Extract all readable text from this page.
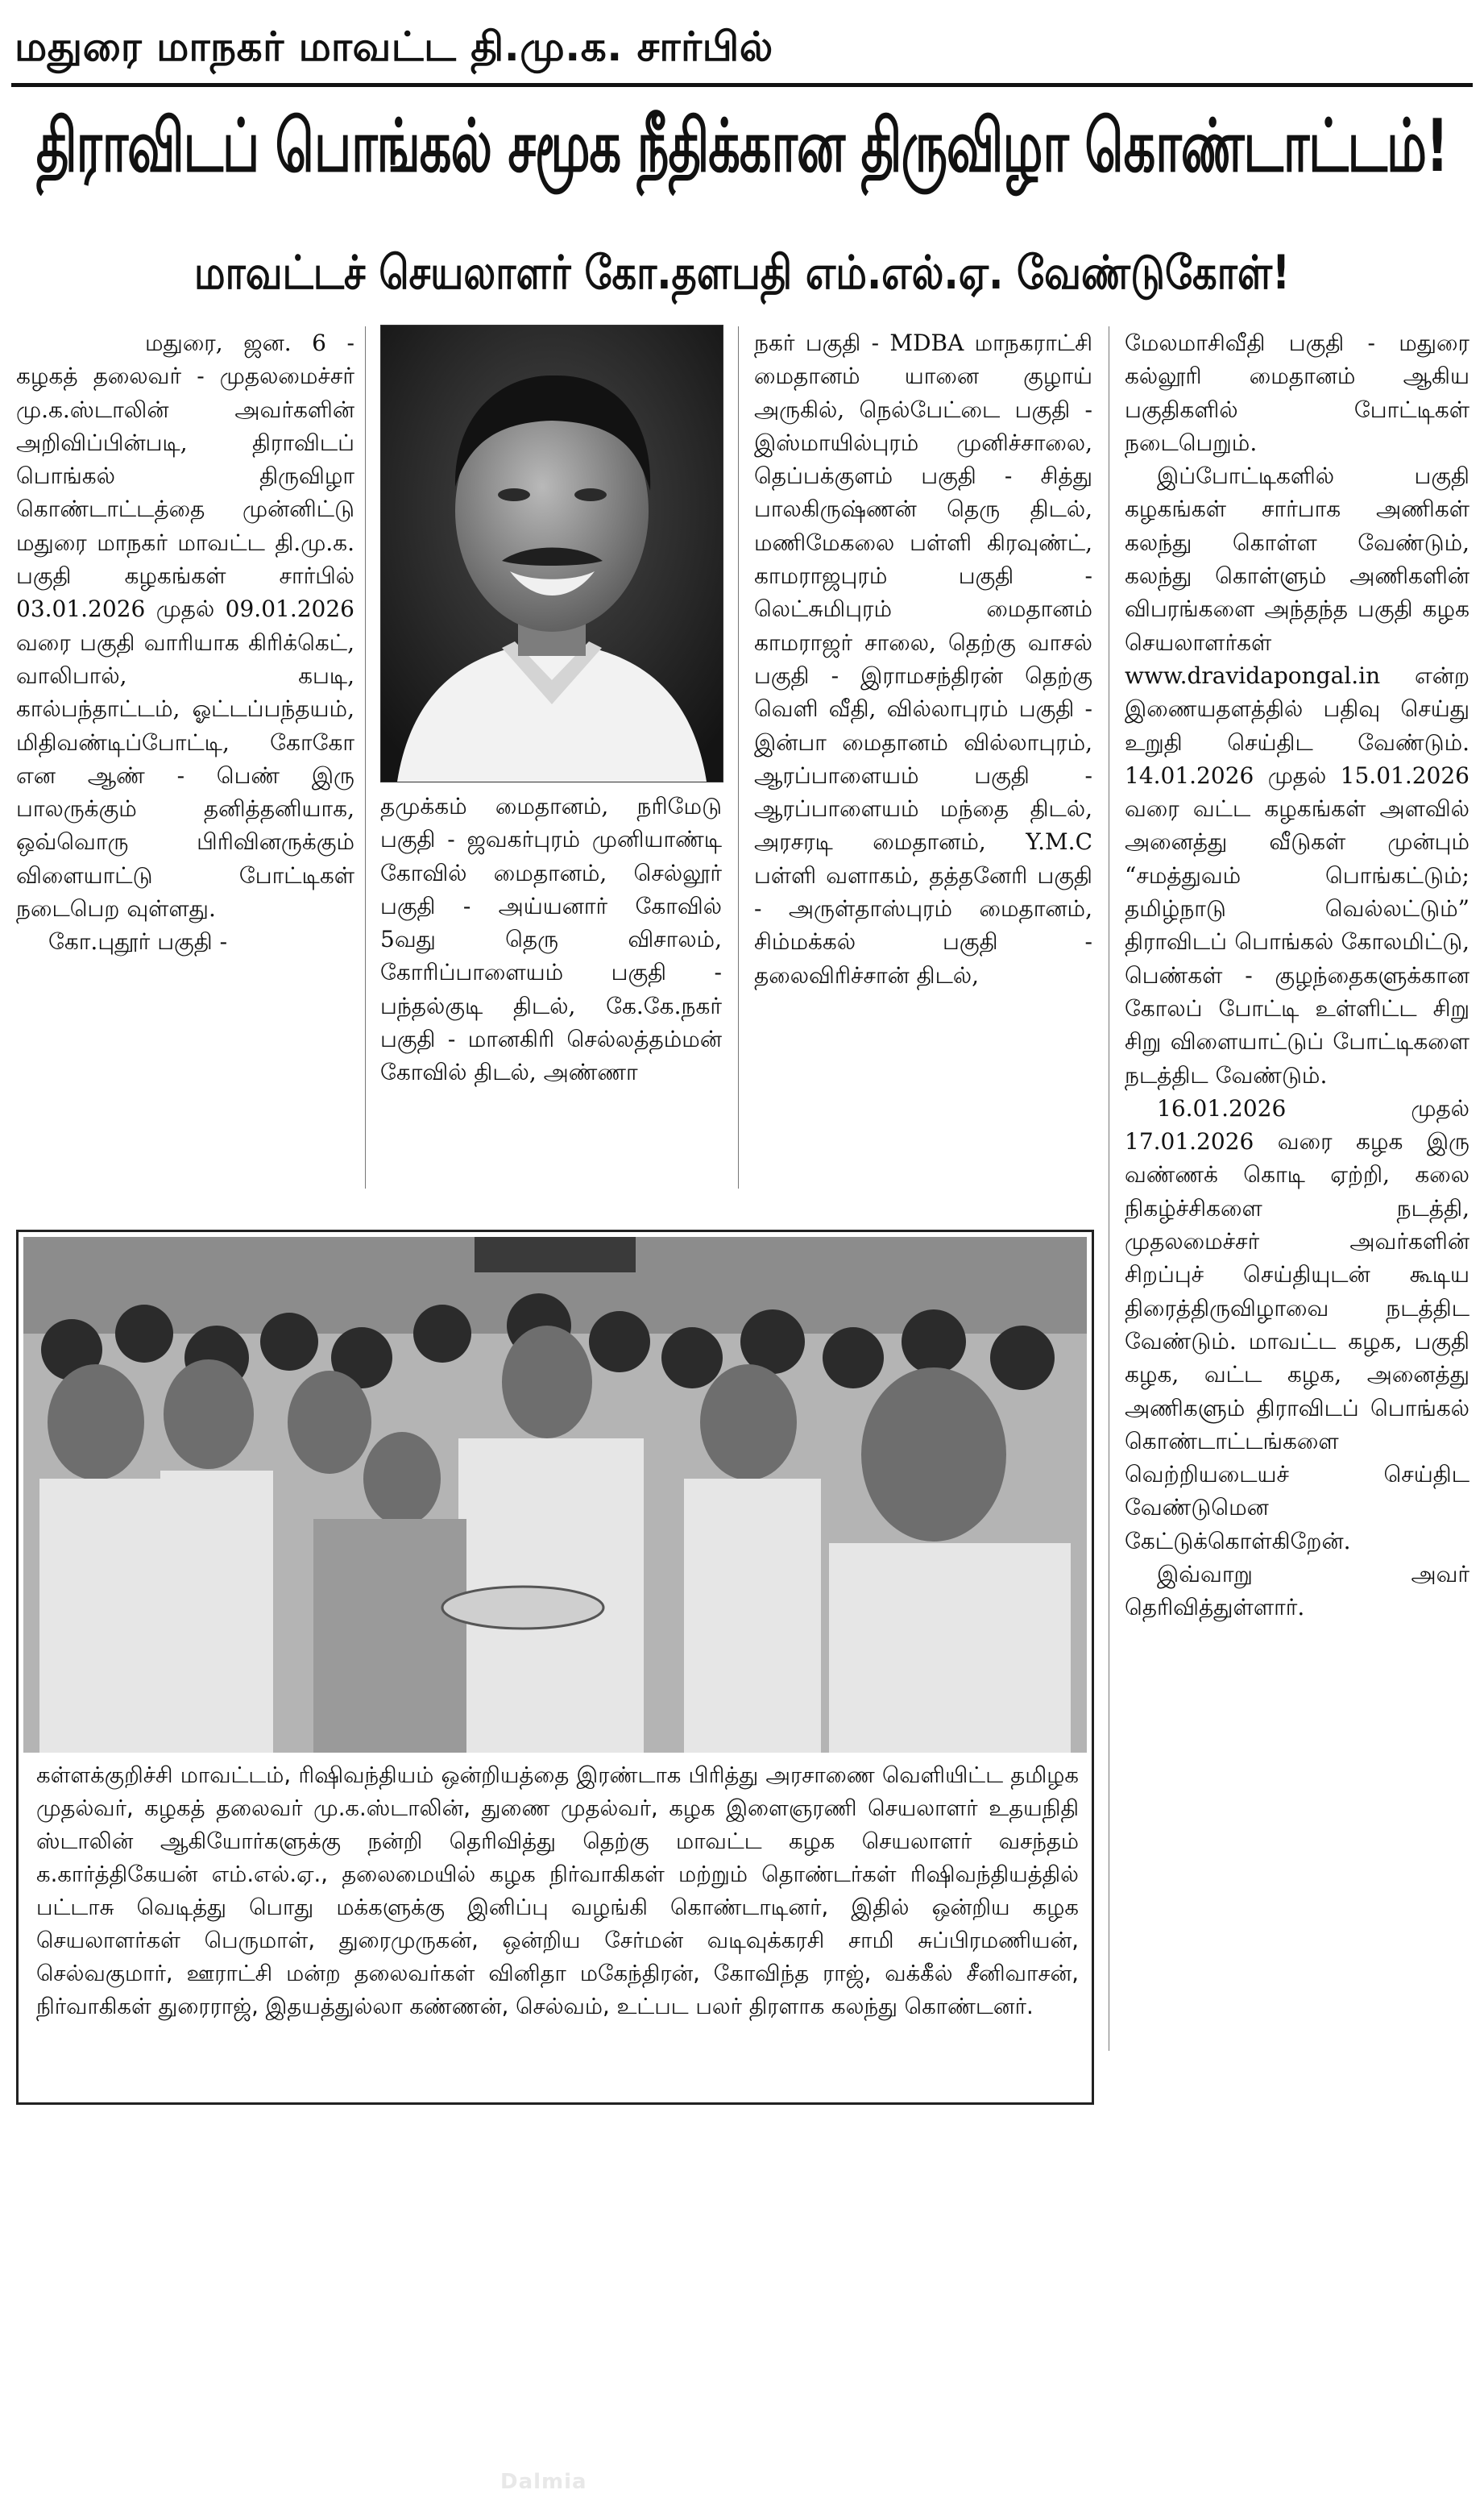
மதுரை மாநகர் மாவட்ட தி.மு.க. சார்பில்
திராவிடப் பொங்கல் சமூக நீதிக்கான திருவிழா கொண்டாட்டம்!
மாவட்டச் செயலாளர் கோ.தளபதி எம்.எல்.ஏ. வேண்டுகோள்!

மதுரை, ஜன. 6 - கழகத் தலைவர் - முதலமைச்சர் மு.க.ஸ்டாலின் அவர்களின் அறிவிப்பின்படி, திராவிடப் பொங்கல் திருவிழா கொண்டாட்டத்தை முன்னிட்டு மதுரை மாநகர் மாவட்ட தி.மு.க. பகுதி கழகங்கள் சார்பில் 03.01.2026 முதல் 09.01.2026 வரை பகுதி வாரியாக கிரிக்கெட், வாலிபால், கபடி, கால்பந்தாட்டம், ஓட்டப்பந்தயம், மிதிவண்டிப்போட்டி, கோகோ என ஆண் - பெண் இரு பாலருக்கும் தனித்தனியாக, ஒவ்வொரு பிரிவினருக்கும் விளையாட்டு போட்டிகள் நடைபெற வுள்ளது.

கோ.புதூர் பகுதி -

தமுக்கம் மைதானம், நரிமேடு பகுதி - ஜவகர்புரம் முனியாண்டி கோவில் மைதானம், செல்லூர் பகுதி - அய்யனார் கோவில் 5வது தெரு விசாலம், கோரிப்பாளையம் பகுதி - பந்தல்குடி திடல், கே.கே.நகர் பகுதி - மானகிரி செல்லத்தம்மன் கோவில் திடல், அண்ணா

நகர் பகுதி - MDBA மாநகராட்சி மைதானம் யானை குழாய் அருகில், நெல்பேட்டை பகுதி - இஸ்மாயில்புரம் முனிச்சாலை, தெப்பக்குளம் பகுதி - சித்து பாலகிருஷ்ணன் தெரு திடல், மணிமேகலை பள்ளி கிரவுண்ட், காமராஜபுரம் பகுதி - லெட்சுமிபுரம் மைதானம் காமராஜர் சாலை, தெற்கு வாசல் பகுதி - இராமசந்திரன் தெற்கு வெளி வீதி, வில்லாபுரம் பகுதி - இன்பா மைதானம் வில்லாபுரம், ஆரப்பாளையம் பகுதி - ஆரப்பாளையம் மந்தை திடல், அரசரடி மைதானம், Y.M.C பள்ளி வளாகம், தத்தனேரி பகுதி - அருள்தாஸ்புரம் மைதானம், சிம்மக்கல் பகுதி - தலைவிரிச்சான் திடல்,

மேலமாசிவீதி பகுதி - மதுரை கல்லூரி மைதானம் ஆகிய பகுதிகளில் போட்டிகள் நடைபெறும்.

இப்போட்டிகளில் பகுதி கழகங்கள் சார்பாக அணிகள் கலந்து கொள்ள வேண்டும், கலந்து கொள்ளும் அணிகளின் விபரங்களை அந்தந்த பகுதி கழக செயலாளர்கள் www.dravidapongal.in என்ற இணையதளத்தில் பதிவு செய்து உறுதி செய்திட வேண்டும். 14.01.2026 முதல் 15.01.2026 வரை வட்ட கழகங்கள் அளவில் அனைத்து வீடுகள் முன்பும் “சமத்துவம் பொங்கட்டும்; தமிழ்நாடு வெல்லட்டும்” திராவிடப் பொங்கல் கோலமிட்டு, பெண்கள் - குழந்தைகளுக்கான கோலப் போட்டி உள்ளிட்ட சிறு சிறு விளையாட்டுப் போட்டிகளை நடத்திட வேண்டும்.

16.01.2026 முதல் 17.01.2026 வரை கழக இரு வண்ணக் கொடி ஏற்றி, கலை நிகழ்ச்சிகளை நடத்தி, முதலமைச்சர் அவர்களின் சிறப்புச் செய்தியுடன் கூடிய திரைத்திருவிழாவை நடத்திட வேண்டும். மாவட்ட கழக, பகுதி கழக, வட்ட கழக, அனைத்து அணிகளும் திராவிடப் பொங்கல் கொண்டாட்டங்களை வெற்றியடையச் செய்திட வேண்டுமென கேட்டுக்கொள்கிறேன்.

இவ்வாறு அவர் தெரிவித்துள்ளார்.

Dalmia
கள்ளக்குறிச்சி மாவட்டம், ரிஷிவந்தியம் ஒன்றியத்தை இரண்டாக பிரித்து அரசாணை வெளியிட்ட தமிழக முதல்வர், கழகத் தலைவர் மு.க.ஸ்டாலின், துணை முதல்வர், கழக இளைஞரணி செயலாளர் உதயநிதி ஸ்டாலின் ஆகியோர்களுக்கு நன்றி தெரிவித்து தெற்கு மாவட்ட கழக செயலாளர் வசந்தம் க.கார்த்திகேயன் எம்.எல்.ஏ., தலைமையில் கழக நிர்வாகிகள் மற்றும் தொண்டர்கள் ரிஷிவந்தியத்தில் பட்டாசு வெடித்து பொது மக்களுக்கு இனிப்பு வழங்கி கொண்டாடினர், இதில் ஒன்றிய கழக செயலாளர்கள் பெருமாள், துரைமுருகன், ஒன்றிய சேர்மன் வடிவுக்கரசி சாமி சுப்பிரமணியன், செல்வகுமார், ஊராட்சி மன்ற தலைவர்கள் வினிதா மகேந்திரன், கோவிந்த ராஜ், வக்கீல் சீனிவாசன், நிர்வாகிகள் துரைராஜ், இதயத்துல்லா கண்ணன், செல்வம், உட்பட பலர் திரளாக கலந்து கொண்டனர்.
